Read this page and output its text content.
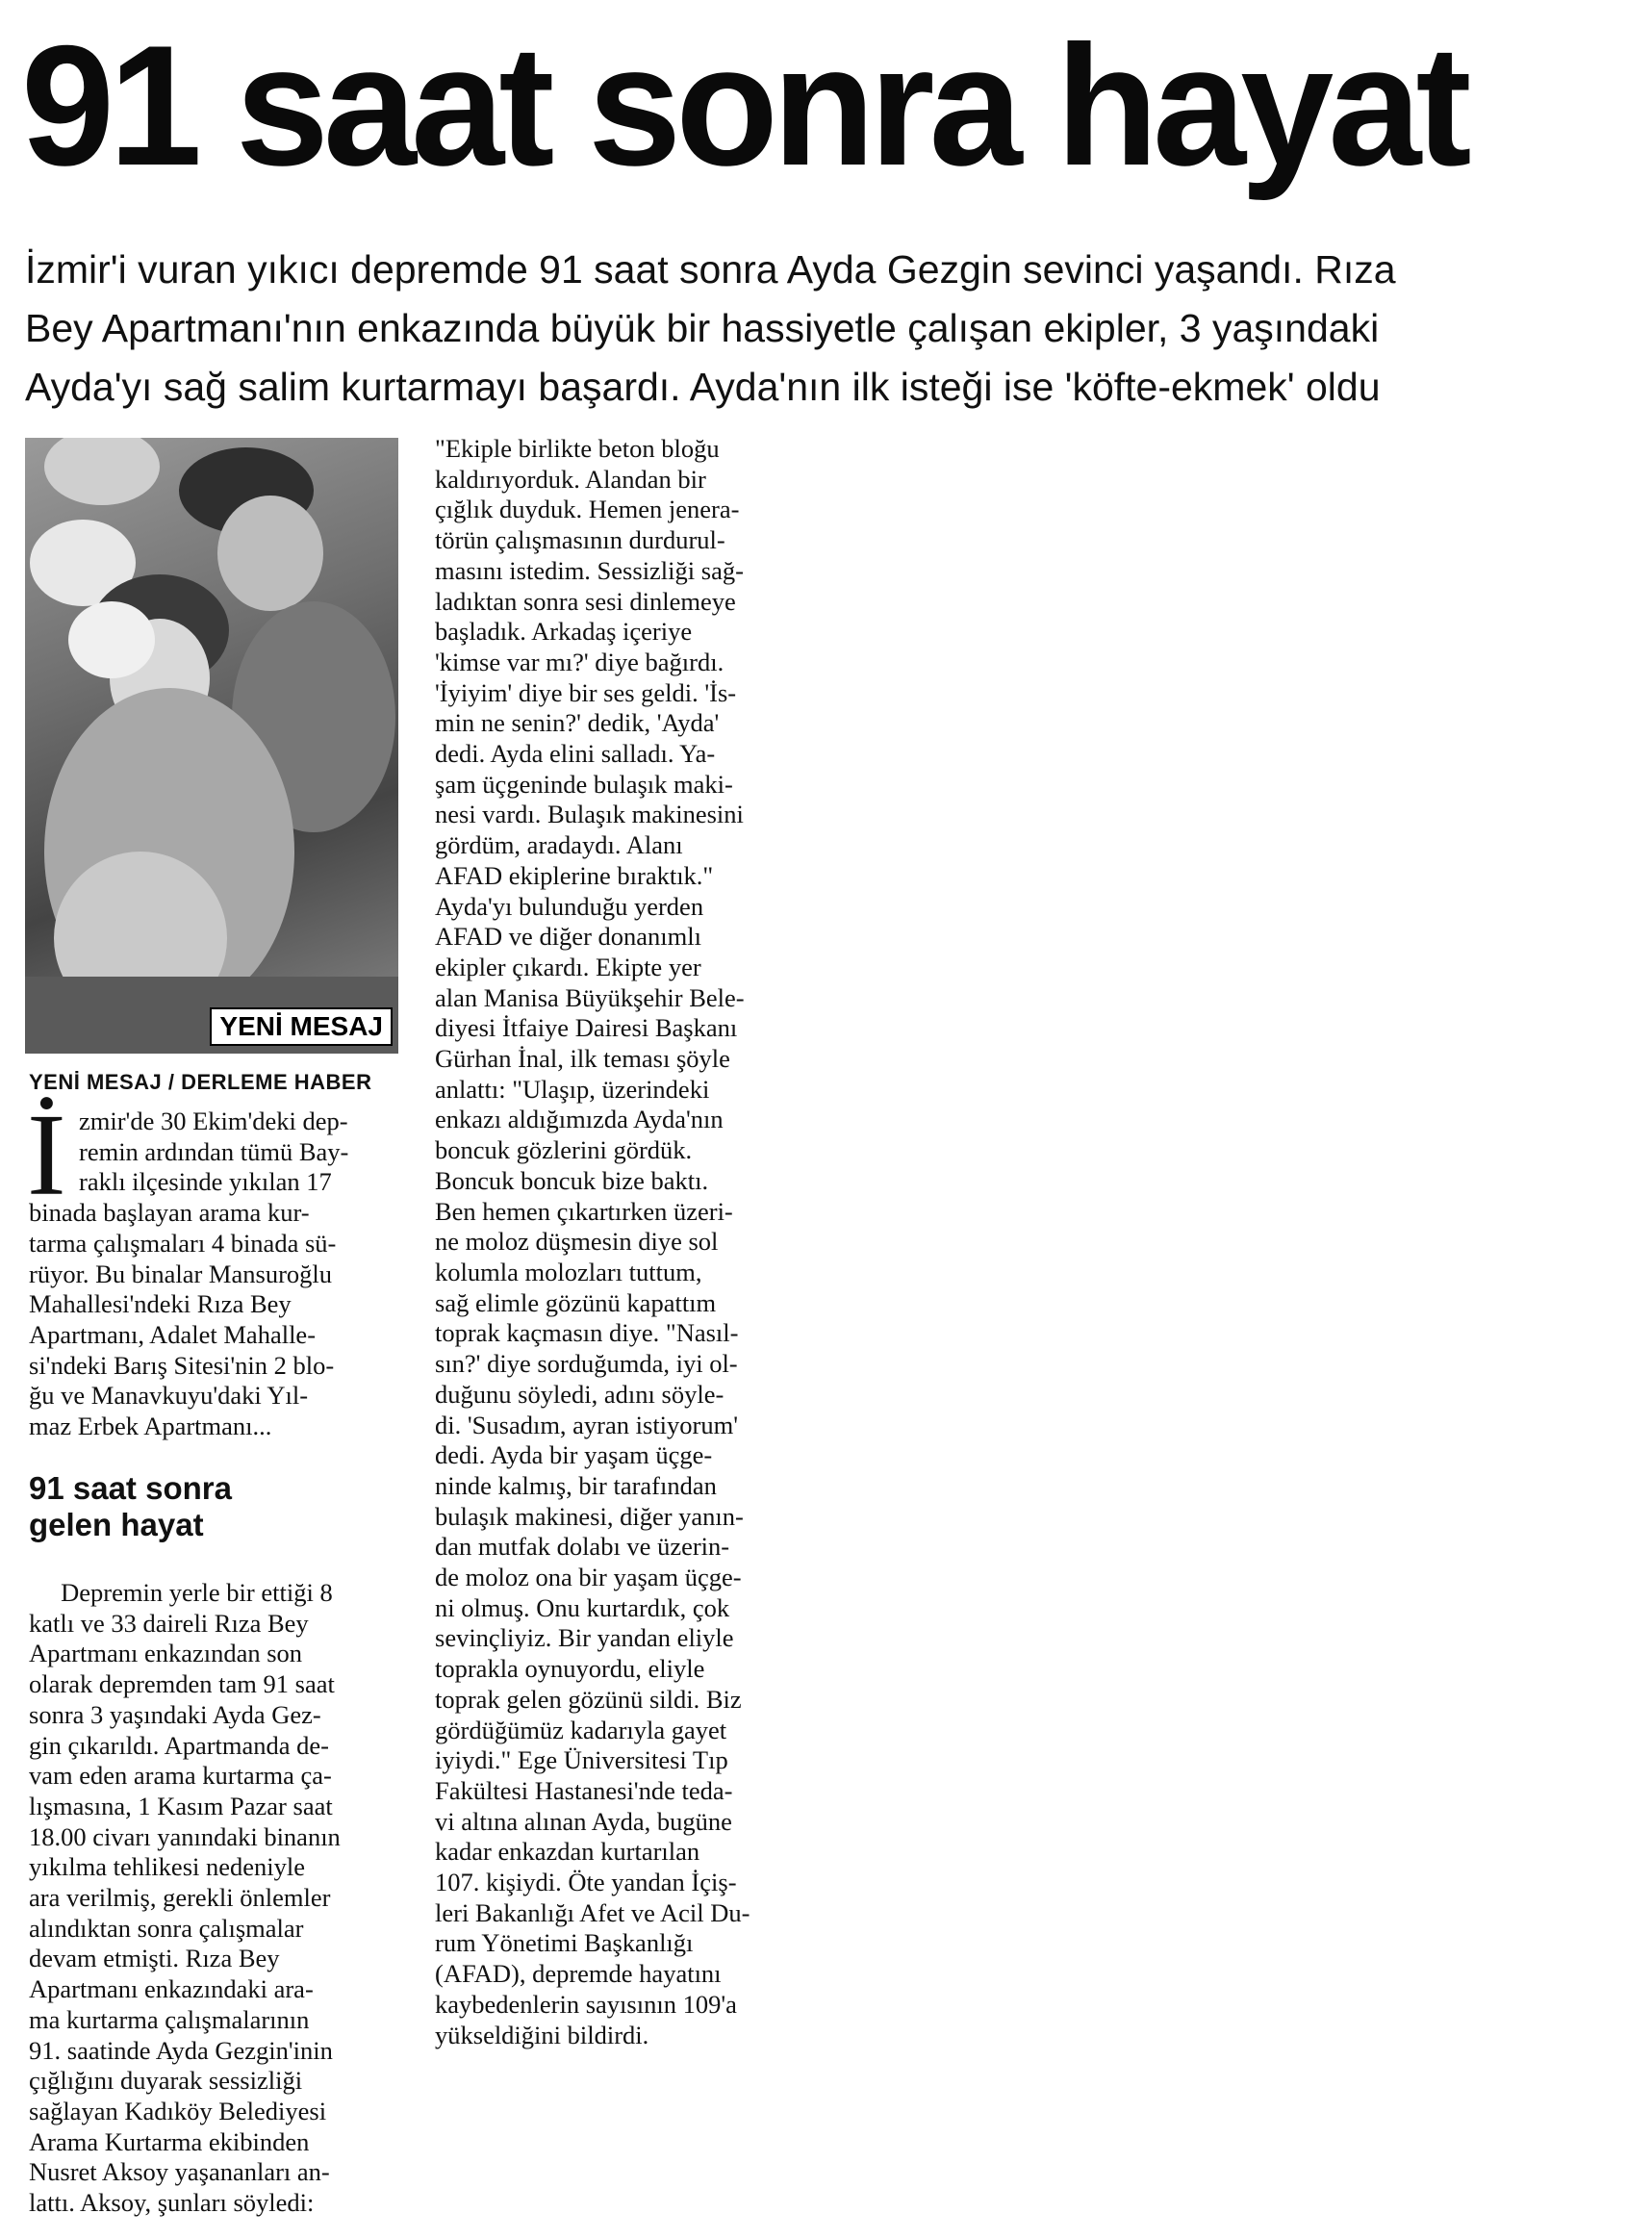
91 saat sonra hayat
İzmir'i vuran yıkıcı depremde 91 saat sonra Ayda Gezgin sevinci yaşandı. Rıza
Bey Apartmanı'nın enkazında büyük bir hassiyetle çalışan ekipler, 3 yaşındaki
Ayda'yı sağ salim kurtarmayı başardı. Ayda'nın ilk isteği ise 'köfte-ekmek' oldu
YENİ MESAJ
YENİ MESAJ / DERLEME HABER
İ zmir'de 30 Ekim'deki dep-
remin ardından tümü Bay-
raklı ilçesinde yıkılan 17
binada başlayan arama kur-
tarma çalışmaları 4 binada sü-
rüyor. Bu binalar Mansuroğlu
Mahallesi'ndeki Rıza Bey
Apartmanı, Adalet Mahalle-
si'ndeki Barış Sitesi'nin 2 blo-
ğu ve Manavkuyu'daki Yıl-
maz Erbek Apartmanı...
91 saat sonra
gelen hayat
Depremin yerle bir ettiği 8
katlı ve 33 daireli Rıza Bey
Apartmanı enkazından son
olarak depremden tam 91 saat
sonra 3 yaşındaki Ayda Gez-
gin çıkarıldı. Apartmanda de-
vam eden arama kurtarma ça-
lışmasına, 1 Kasım Pazar saat
18.00 civarı yanındaki binanın
yıkılma tehlikesi nedeniyle
ara verilmiş, gerekli önlemler
alındıktan sonra çalışmalar
devam etmişti. Rıza Bey
Apartmanı enkazındaki ara-
ma kurtarma çalışmalarının
91. saatinde Ayda Gezgin'inin
çığlığını duyarak sessizliği
sağlayan Kadıköy Belediyesi
Arama Kurtarma ekibinden
Nusret Aksoy yaşananları an-
lattı. Aksoy, şunları söyledi:
"Ekiple birlikte beton bloğu
kaldırıyorduk. Alandan bir
çığlık duyduk. Hemen jenera-
törün çalışmasının durdurul-
masını istedim. Sessizliği sağ-
ladıktan sonra sesi dinlemeye
başladık. Arkadaş içeriye
'kimse var mı?' diye bağırdı.
'İyiyim' diye bir ses geldi. 'İs-
min ne senin?' dedik, 'Ayda'
dedi. Ayda elini salladı. Ya-
şam üçgeninde bulaşık maki-
nesi vardı. Bulaşık makinesini
gördüm, aradaydı. Alanı
AFAD ekiplerine bıraktık."
Ayda'yı bulunduğu yerden
AFAD ve diğer donanımlı
ekipler çıkardı. Ekipte yer
alan Manisa Büyükşehir Bele-
diyesi İtfaiye Dairesi Başkanı
Gürhan İnal, ilk teması şöyle
anlattı: "Ulaşıp, üzerindeki
enkazı aldığımızda Ayda'nın
boncuk gözlerini gördük.
Boncuk boncuk bize baktı.
Ben hemen çıkartırken üzeri-
ne moloz düşmesin diye sol
kolumla molozları tuttum,
sağ elimle gözünü kapattım
toprak kaçmasın diye. "Nasıl-
sın?' diye sorduğumda, iyi ol-
duğunu söyledi, adını söyle-
di. 'Susadım, ayran istiyorum'
dedi. Ayda bir yaşam üçge-
ninde kalmış, bir tarafından
bulaşık makinesi, diğer yanın-
dan mutfak dolabı ve üzerin-
de moloz ona bir yaşam üçge-
ni olmuş. Onu kurtardık, çok
sevinçliyiz. Bir yandan eliyle
toprakla oynuyordu, eliyle
toprak gelen gözünü sildi. Biz
gördüğümüz kadarıyla gayet
iyiydi." Ege Üniversitesi Tıp
Fakültesi Hastanesi'nde teda-
vi altına alınan Ayda, bugüne
kadar enkazdan kurtarılan
107. kişiydi. Öte yandan İçiş-
leri Bakanlığı Afet ve Acil Du-
rum Yönetimi Başkanlığı
(AFAD), depremde hayatını
kaybedenlerin sayısının 109'a
yükseldiğini bildirdi.
